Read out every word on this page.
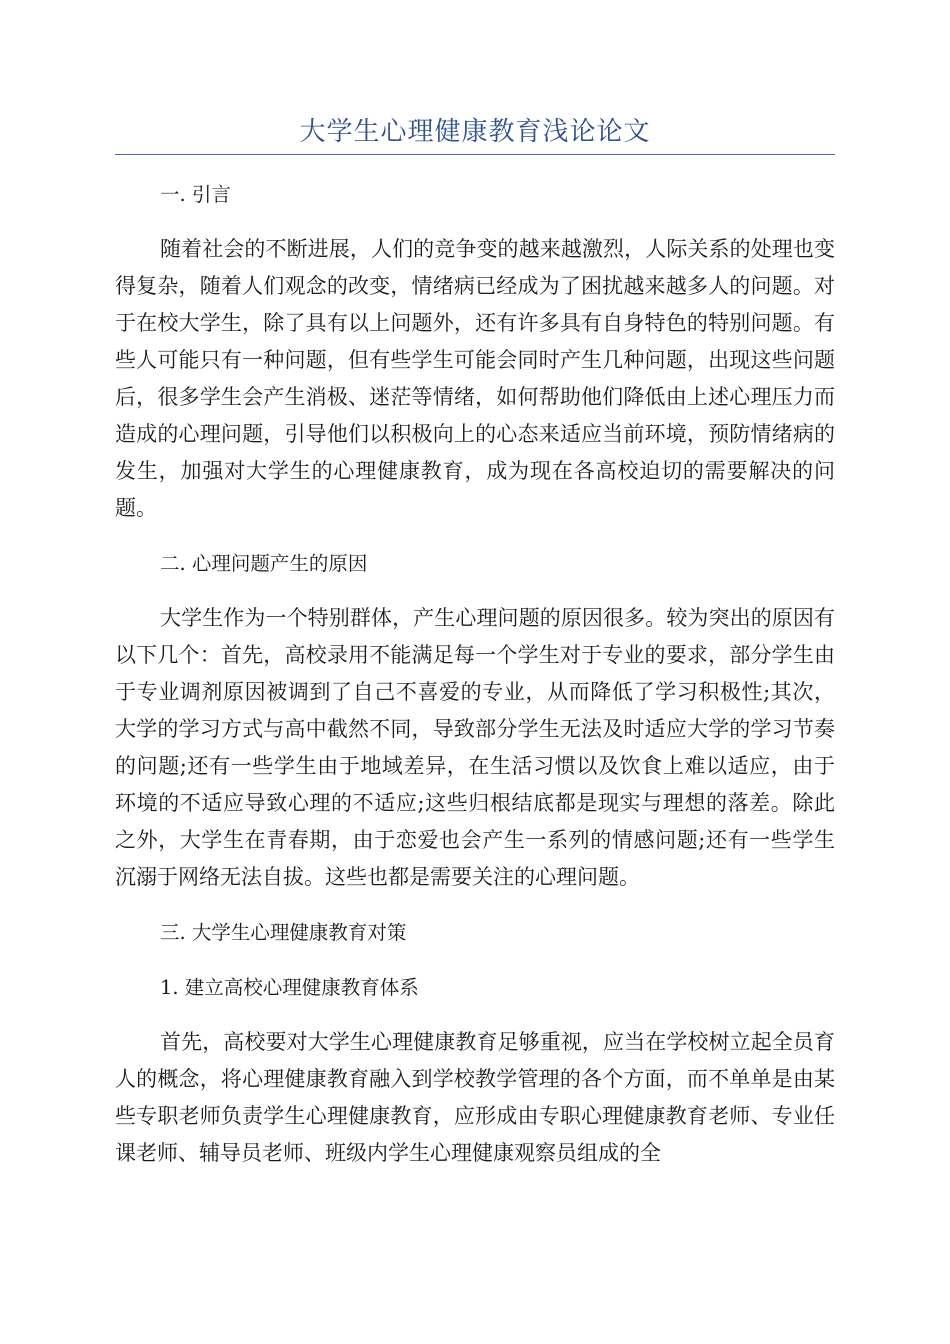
大学生心理健康教育浅论论文

一. 引言

随着社会的不断进展，人们的竞争变的越来越激烈，人际关系的处理也变得复杂，随着人们观念的改变，情绪病已经成为了困扰越来越多人的问题。对于在校大学生，除了具有以上问题外，还有许多具有自身特色的特别问题。有些人可能只有一种问题，但有些学生可能会同时产生几种问题，出现这些问题后，很多学生会产生消极、迷茫等情绪，如何帮助他们降低由上述心理压力而造成的心理问题，引导他们以积极向上的心态来适应当前环境，预防情绪病的发生，加强对大学生的心理健康教育，成为现在各高校迫切的需要解决的问题。

二. 心理问题产生的原因

大学生作为一个特别群体，产生心理问题的原因很多。较为突出的原因有以下几个：首先，高校录用不能满足每一个学生对于专业的要求，部分学生由于专业调剂原因被调到了自己不喜爱的专业，从而降低了学习积极性;其次，大学的学习方式与高中截然不同，导致部分学生无法及时适应大学的学习节奏的问题;还有一些学生由于地域差异，在生活习惯以及饮食上难以适应，由于环境的不适应导致心理的不适应;这些归根结底都是现实与理想的落差。除此之外，大学生在青春期，由于恋爱也会产生一系列的情感问题;还有一些学生沉溺于网络无法自拔。这些也都是需要关注的心理问题。

三. 大学生心理健康教育对策

1. 建立高校心理健康教育体系

首先，高校要对大学生心理健康教育足够重视，应当在学校树立起全员育人的概念，将心理健康教育融入到学校教学管理的各个方面，而不单单是由某些专职老师负责学生心理健康教育，应形成由专职心理健康教育老师、专业任课老师、辅导员老师、班级内学生心理健康观察员组成的全
